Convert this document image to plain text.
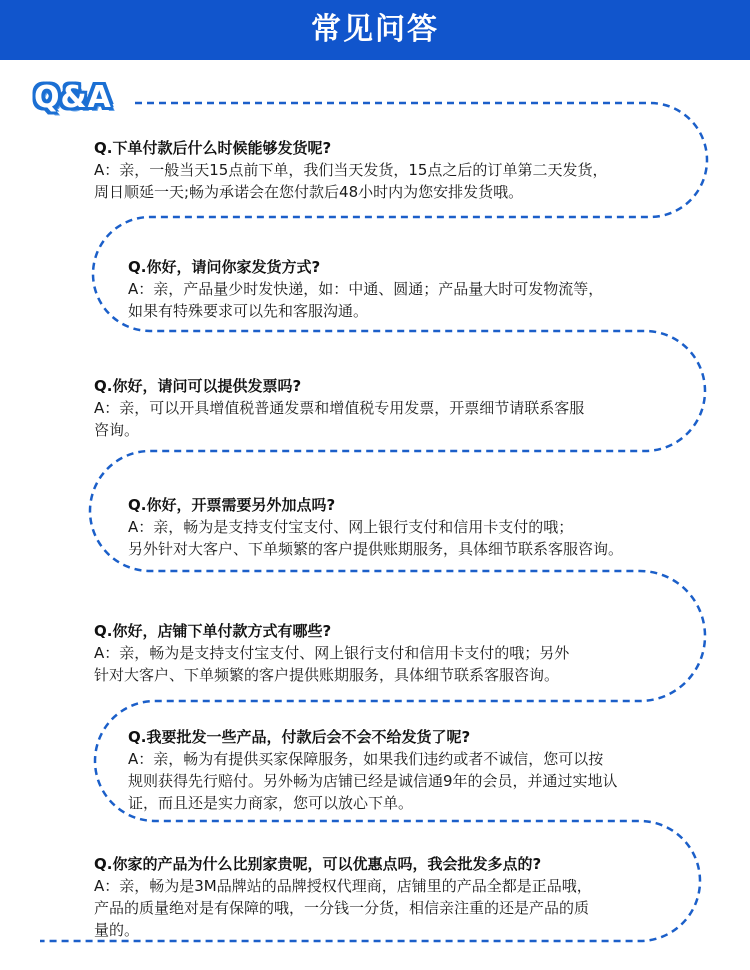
常见问答
Q&A
Q.下单付款后什么时候能够发货呢?
A：亲，一般当天15点前下单，我们当天发货，15点之后的订单第二天发货，
周日顺延一天;畅为承诺会在您付款后48小时内为您安排发货哦。
Q.你好，请问你家发货方式?
A：亲，产品量少时发快递，如：中通、圆通；产品量大时可发物流等，
如果有特殊要求可以先和客服沟通。
Q.你好，请问可以提供发票吗?
A：亲，可以开具增值税普通发票和增值税专用发票，开票细节请联系客服
咨询。
Q.你好，开票需要另外加点吗?
A：亲，畅为是支持支付宝支付、网上银行支付和信用卡支付的哦；
另外针对大客户、下单频繁的客户提供账期服务，具体细节联系客服咨询。
Q.你好，店铺下单付款方式有哪些?
A：亲，畅为是支持支付宝支付、网上银行支付和信用卡支付的哦；另外
针对大客户、下单频繁的客户提供账期服务，具体细节联系客服咨询。
Q.我要批发一些产品，付款后会不会不给发货了呢?
A：亲，畅为有提供买家保障服务，如果我们违约或者不诚信，您可以按
规则获得先行赔付。另外畅为店铺已经是诚信通9年的会员，并通过实地认
证，而且还是实力商家，您可以放心下单。
Q.你家的产品为什么比别家贵呢，可以优惠点吗，我会批发多点的?
A：亲，畅为是3M品牌站的品牌授权代理商，店铺里的产品全都是正品哦，
产品的质量绝对是有保障的哦，一分钱一分货，相信亲注重的还是产品的质
量的。
